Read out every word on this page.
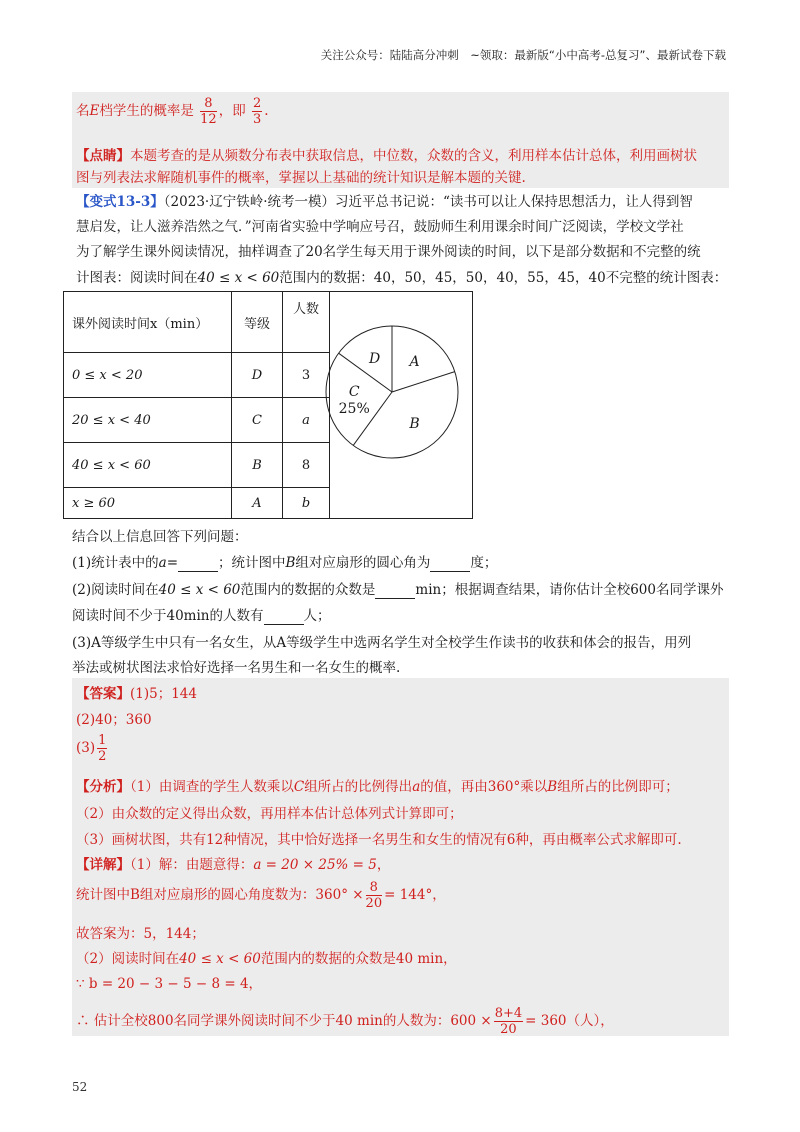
关注公众号：陆陆高分冲刺　~领取：最新版“小中高考-总复习”、最新试卷下载
名E档学生的概率是 $\frac{8}{12}$ ，即 $\frac{2}{3}$ .
【点睛】本题考查的是从频数分布表中获取信息，中位数，众数的含义，利用样本估计总体，利用画树状
图与列表法求解随机事件的概率，掌握以上基础的统计知识是解本题的关键.
【变式13-3】（2023·辽宁铁岭·统考一模）习近平总书记说：“读书可以让人保持思想活力，让人得到智
慧启发，让人滋养浩然之气．”河南省实验中学响应号召，鼓励师生利用课余时间广泛阅读，学校文学社
为了解学生课外阅读情况，抽样调查了20名学生每天用于课外阅读的时间，以下是部分数据和不完整的统
计图表：阅读时间在40 ≤ x < 60范围内的数据：40，50，45，50，40，55，45，40不完整的统计图表：
课外阅读时间x（min）	等级	人数
0 ≤ x < 20	D	3
20 ≤ x < 40	C	a
40 ≤ x < 60	B	8
x ≥ 60	A	b
A
B
C
25%
D
结合以上信息回答下列问题：
(1)统计表中的a=	；统计图中B组对应扇形的圆心角为	度；
(2)阅读时间在40 ≤ x < 60范围内的数据的众数是	min；根据调查结果，请你估计全校600名同学课外
阅读时间不少于40min的人数有	人；
(3)A等级学生中只有一名女生，从A等级学生中选两名学生对全校学生作读书的收获和体会的报告，用列
举法或树状图法求恰好选择一名男生和一名女生的概率.
【答案】(1)5；144
(2)40；360
$(3) \frac{1}{2}$
【分析】（1）由调查的学生人数乘以C组所占的比例得出a的值，再由360°乘以B组所占的比例即可；
（2）由众数的定义得出众数，再用样本估计总体列式计算即可；
（3）画树状图，共有12种情况，其中恰好选择一名男生和女生的情况有6种，再由概率公式求解即可.
【详解】（1）解：由题意得：a = 20 × 25% = 5，
统计图中B组对应扇形的圆心角度数为：$360^\circ \times \frac{8}{20} = 144^\circ$，
故答案为：5，144；
（2）阅读时间在40 ≤ x < 60范围内的数据的众数是40 min，
∵ b = 20 − 3 − 5 − 8 = 4，
∴ 估计全校800名同学课外阅读时间不少于40 min的人数为：$600 \times \frac{8+4}{20} = 360$（人），
52
